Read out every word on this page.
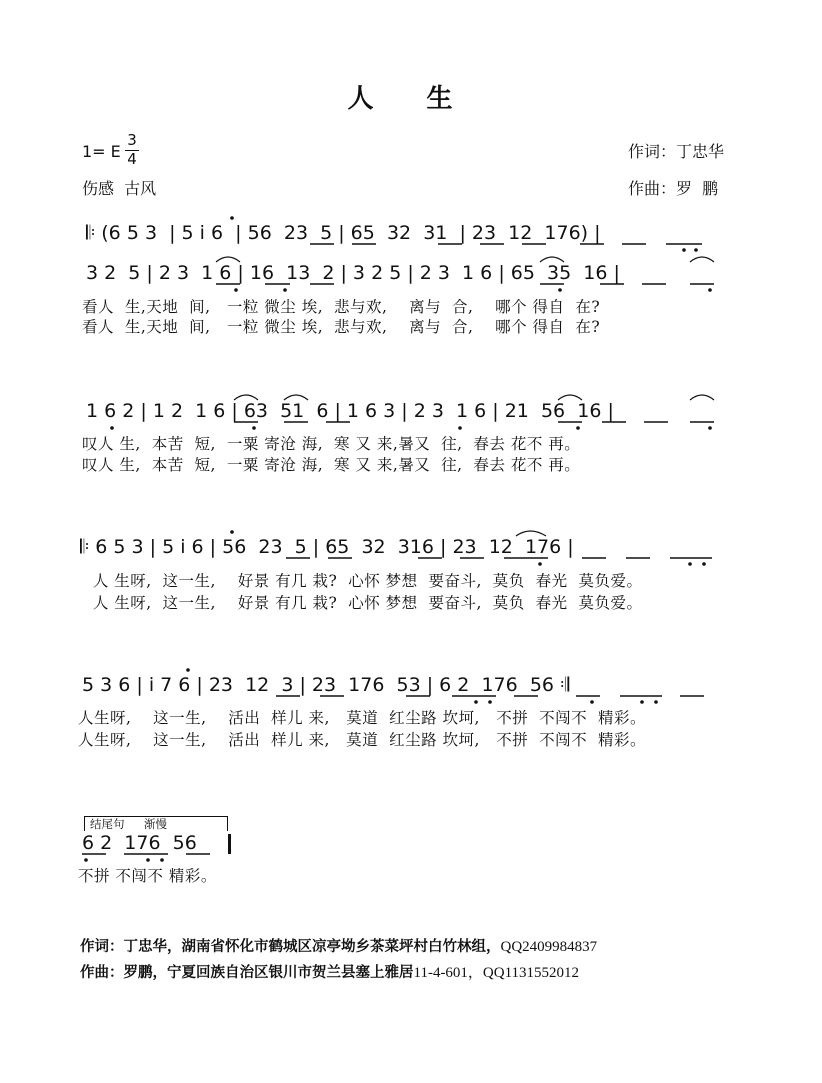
人 生
1= E
3
4
伤感  古风
作词：丁忠华
作曲：罗  鹏
𝄆 (6 5 3  | 5 i 6  | 56  23  5 | 65  32  31  | 23  12  176) |
3 2  5 | 2 3  1 6 | 16  13  2 | 3 2 5 | 2 3  1 6 | 65  35  16 |
看人  生,天地  间,   一粒 微尘 埃,  悲与欢,    离与  合,    哪个 得自  在?
看人  生,天地  间,   一粒 微尘 埃,  悲与欢,    离与  合,    哪个 得自  在?
1 6 2 | 1 2  1 6 | 63  51  6 | 1 6 3 | 2 3  1 6 | 21  56  16 |
叹人 生,  本苦  短,  一粟 寄沧 海,  寒 又 来,暑又  往,  春去 花不 再。
叹人 生,  本苦  短,  一粟 寄沧 海,  寒 又 来,暑又  往,  春去 花不 再。
𝄆 6 5 3 | 5 i 6 | 56  23  5 | 65  32  316 | 23  12  176 |
人 生呀,  这一生,    好景 有几 栽?  心怀 梦想  要奋斗,  莫负  春光  莫负爱。
人 生呀,  这一生,    好景 有几 栽?  心怀 梦想  要奋斗,  莫负  春光  莫负爱。
5 3 6 | i 7 6 | 23  12  3 | 23  176  53 | 6 2  176  56 𝄇
人生呀,    这一生,    活出  样儿 来,   莫道  红尘路 坎坷,   不拼  不闯不  精彩。
人生呀,    这一生,    活出  样儿 来,   莫道  红尘路 坎坷,   不拼  不闯不  精彩。
结尾句 渐慢
6 2  176  56
不拼 不闯不 精彩。
作词：丁忠华，湖南省怀化市鹤城区凉亭坳乡茶菜坪村白竹林组，QQ2409984837
作曲：罗鹏，宁夏回族自治区银川市贺兰县塞上雅居11-4-601，QQ1131552012
